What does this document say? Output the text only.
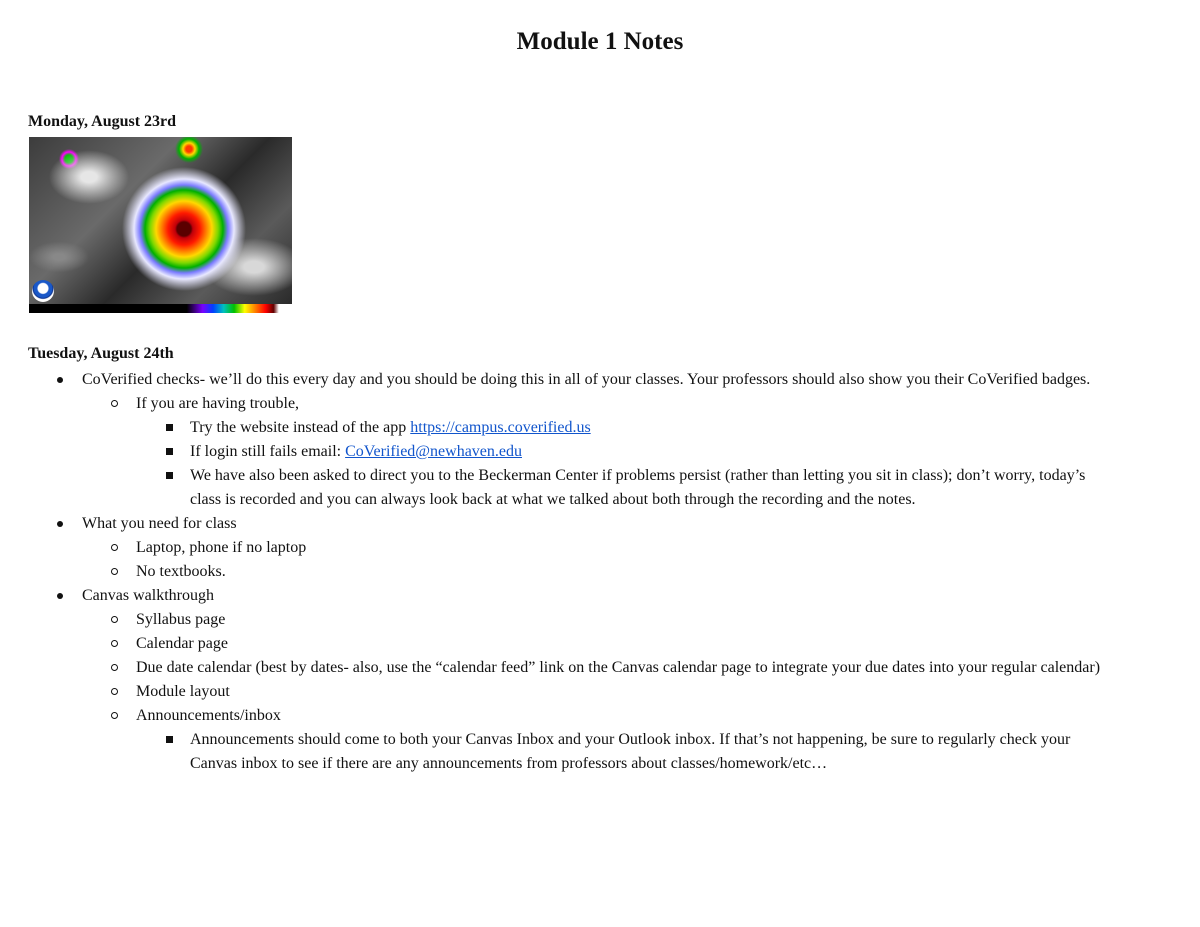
Module 1 Notes
Monday, August 23rd
Tuesday, August 24th
CoVerified checks- we’ll do this every day and you should be doing this in all of your classes. Your professors should also show you their CoVerified badges.
If you are having trouble,
Try the website instead of the app https://campus.coverified.us
If login still fails email: CoVerified@newhaven.edu
We have also been asked to direct you to the Beckerman Center if problems persist (rather than letting you sit in class); don’t worry, today’s class is recorded and you can always look back at what we talked about both through the recording and the notes.
What you need for class
Laptop, phone if no laptop
No textbooks.
Canvas walkthrough
Syllabus page
Calendar page
Due date calendar (best by dates- also, use the “calendar feed” link on the Canvas calendar page to integrate your due dates into your regular calendar)
Module layout
Announcements/inbox
Announcements should come to both your Canvas Inbox and your Outlook inbox. If that’s not happening, be sure to regularly check your Canvas inbox to see if there are any announcements from professors about classes/homework/etc…
